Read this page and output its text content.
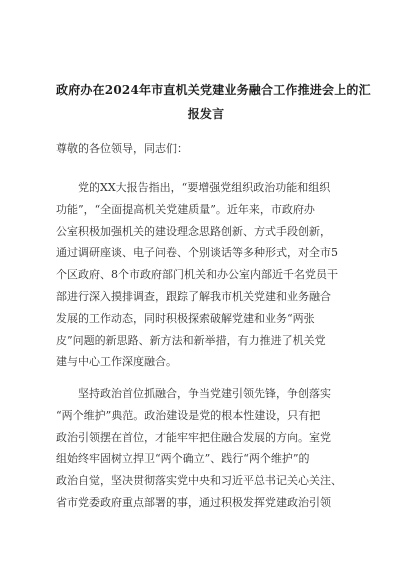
政府办在2024年市直机关党建业务融合工作推进会上的汇
报发言
尊敬的各位领导，同志们：
　　党的XX大报告指出，“要增强党组织政治功能和组织
功能”，“全面提高机关党建质量”。近年来，市政府办
公室积极加强机关的建设理念思路创新、方式手段创新，
通过调研座谈、电子问卷、个别谈话等多种形式，对全市5
个区政府、8个市政府部门机关和办公室内部近千名党员干
部进行深入摸排调查，跟踪了解我市机关党建和业务融合
发展的工作动态，同时积极探索破解党建和业务“两张
皮”问题的新思路、新方法和新举措，有力推进了机关党
建与中心工作深度融合。
　　坚持政治首位抓融合，争当党建引领先锋，争创落实
“两个维护”典范。政治建设是党的根本性建设，只有把
政治引领摆在首位，才能牢牢把住融合发展的方向。室党
组始终牢固树立捍卫“两个确立”、践行“两个维护”的
政治自觉，坚决贯彻落实党中央和习近平总书记关心关注、
省市党委政府重点部署的事，通过积极发挥党建政治引领
